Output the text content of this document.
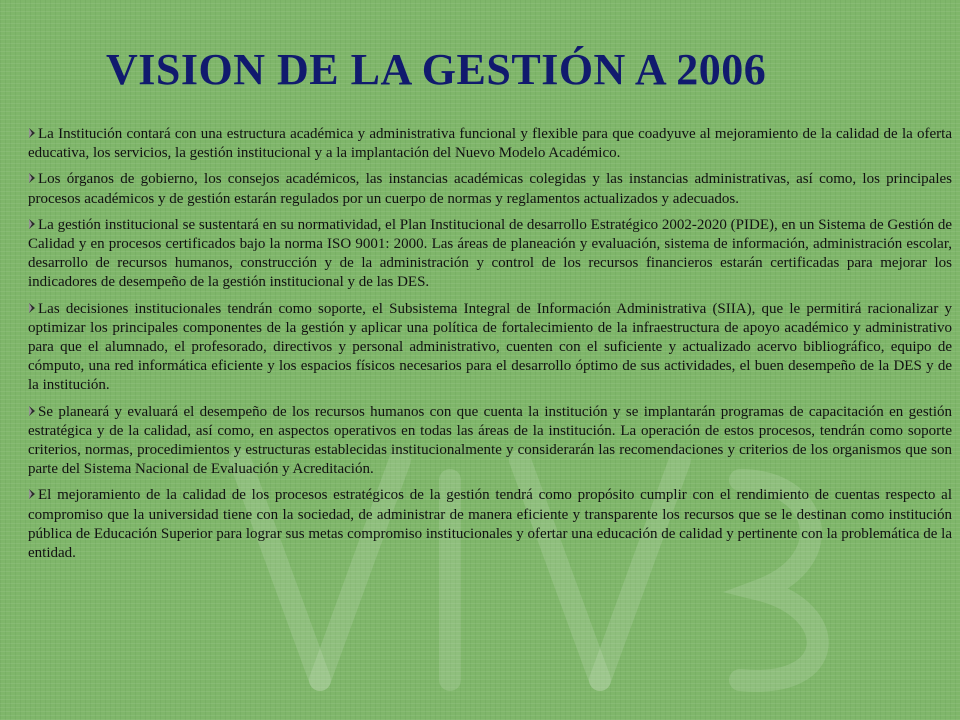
VISION DE LA GESTIÓN A 2006

La Institución contará con una estructura académica y administrativa funcional y flexible para que coadyuve al mejoramiento de la calidad de la oferta educativa, los servicios, la gestión institucional y a la implantación del Nuevo Modelo Académico.

Los órganos de gobierno, los consejos académicos, las instancias académicas colegidas y las instancias administrativas, así como, los principales procesos académicos y de gestión estarán regulados por un cuerpo de normas y reglamentos actualizados y adecuados.

La gestión institucional se sustentará en su normatividad, el Plan Institucional de desarrollo Estratégico 2002-2020 (PIDE), en un Sistema de Gestión de Calidad y en procesos certificados bajo la norma ISO 9001: 2000. Las áreas de planeación y evaluación, sistema de información, administración escolar, desarrollo de recursos humanos, construcción y de la administración y control de los recursos financieros estarán certificadas para mejorar los indicadores de desempeño de la gestión institucional y de las DES.

Las decisiones institucionales tendrán como soporte, el Subsistema Integral de Información Administrativa (SIIA), que le permitirá racionalizar y optimizar los principales componentes de la gestión y aplicar una política de fortalecimiento de la infraestructura de apoyo académico y administrativo para que el alumnado, el profesorado, directivos y personal administrativo, cuenten con el suficiente y actualizado acervo bibliográfico, equipo de cómputo, una red informática eficiente y los espacios físicos necesarios para el desarrollo óptimo de sus actividades, el buen desempeño de la DES y de la institución.

Se planeará y evaluará el desempeño de los recursos humanos con que cuenta la institución y se implantarán programas de capacitación en gestión estratégica y de la calidad, así como, en aspectos operativos en todas las áreas de la institución. La operación de estos procesos, tendrán como soporte criterios, normas, procedimientos y estructuras establecidas institucionalmente y considerarán las recomendaciones y criterios de los organismos que son parte del Sistema Nacional de Evaluación y Acreditación.

El mejoramiento de la calidad de los procesos estratégicos de la gestión tendrá como propósito cumplir con el rendimiento de cuentas respecto al compromiso que la universidad tiene con la sociedad, de administrar de manera eficiente y transparente los recursos que se le destinan como institución pública de Educación Superior para lograr sus metas compromiso institucionales y ofertar una educación de calidad y pertinente con la problemática de la entidad.
